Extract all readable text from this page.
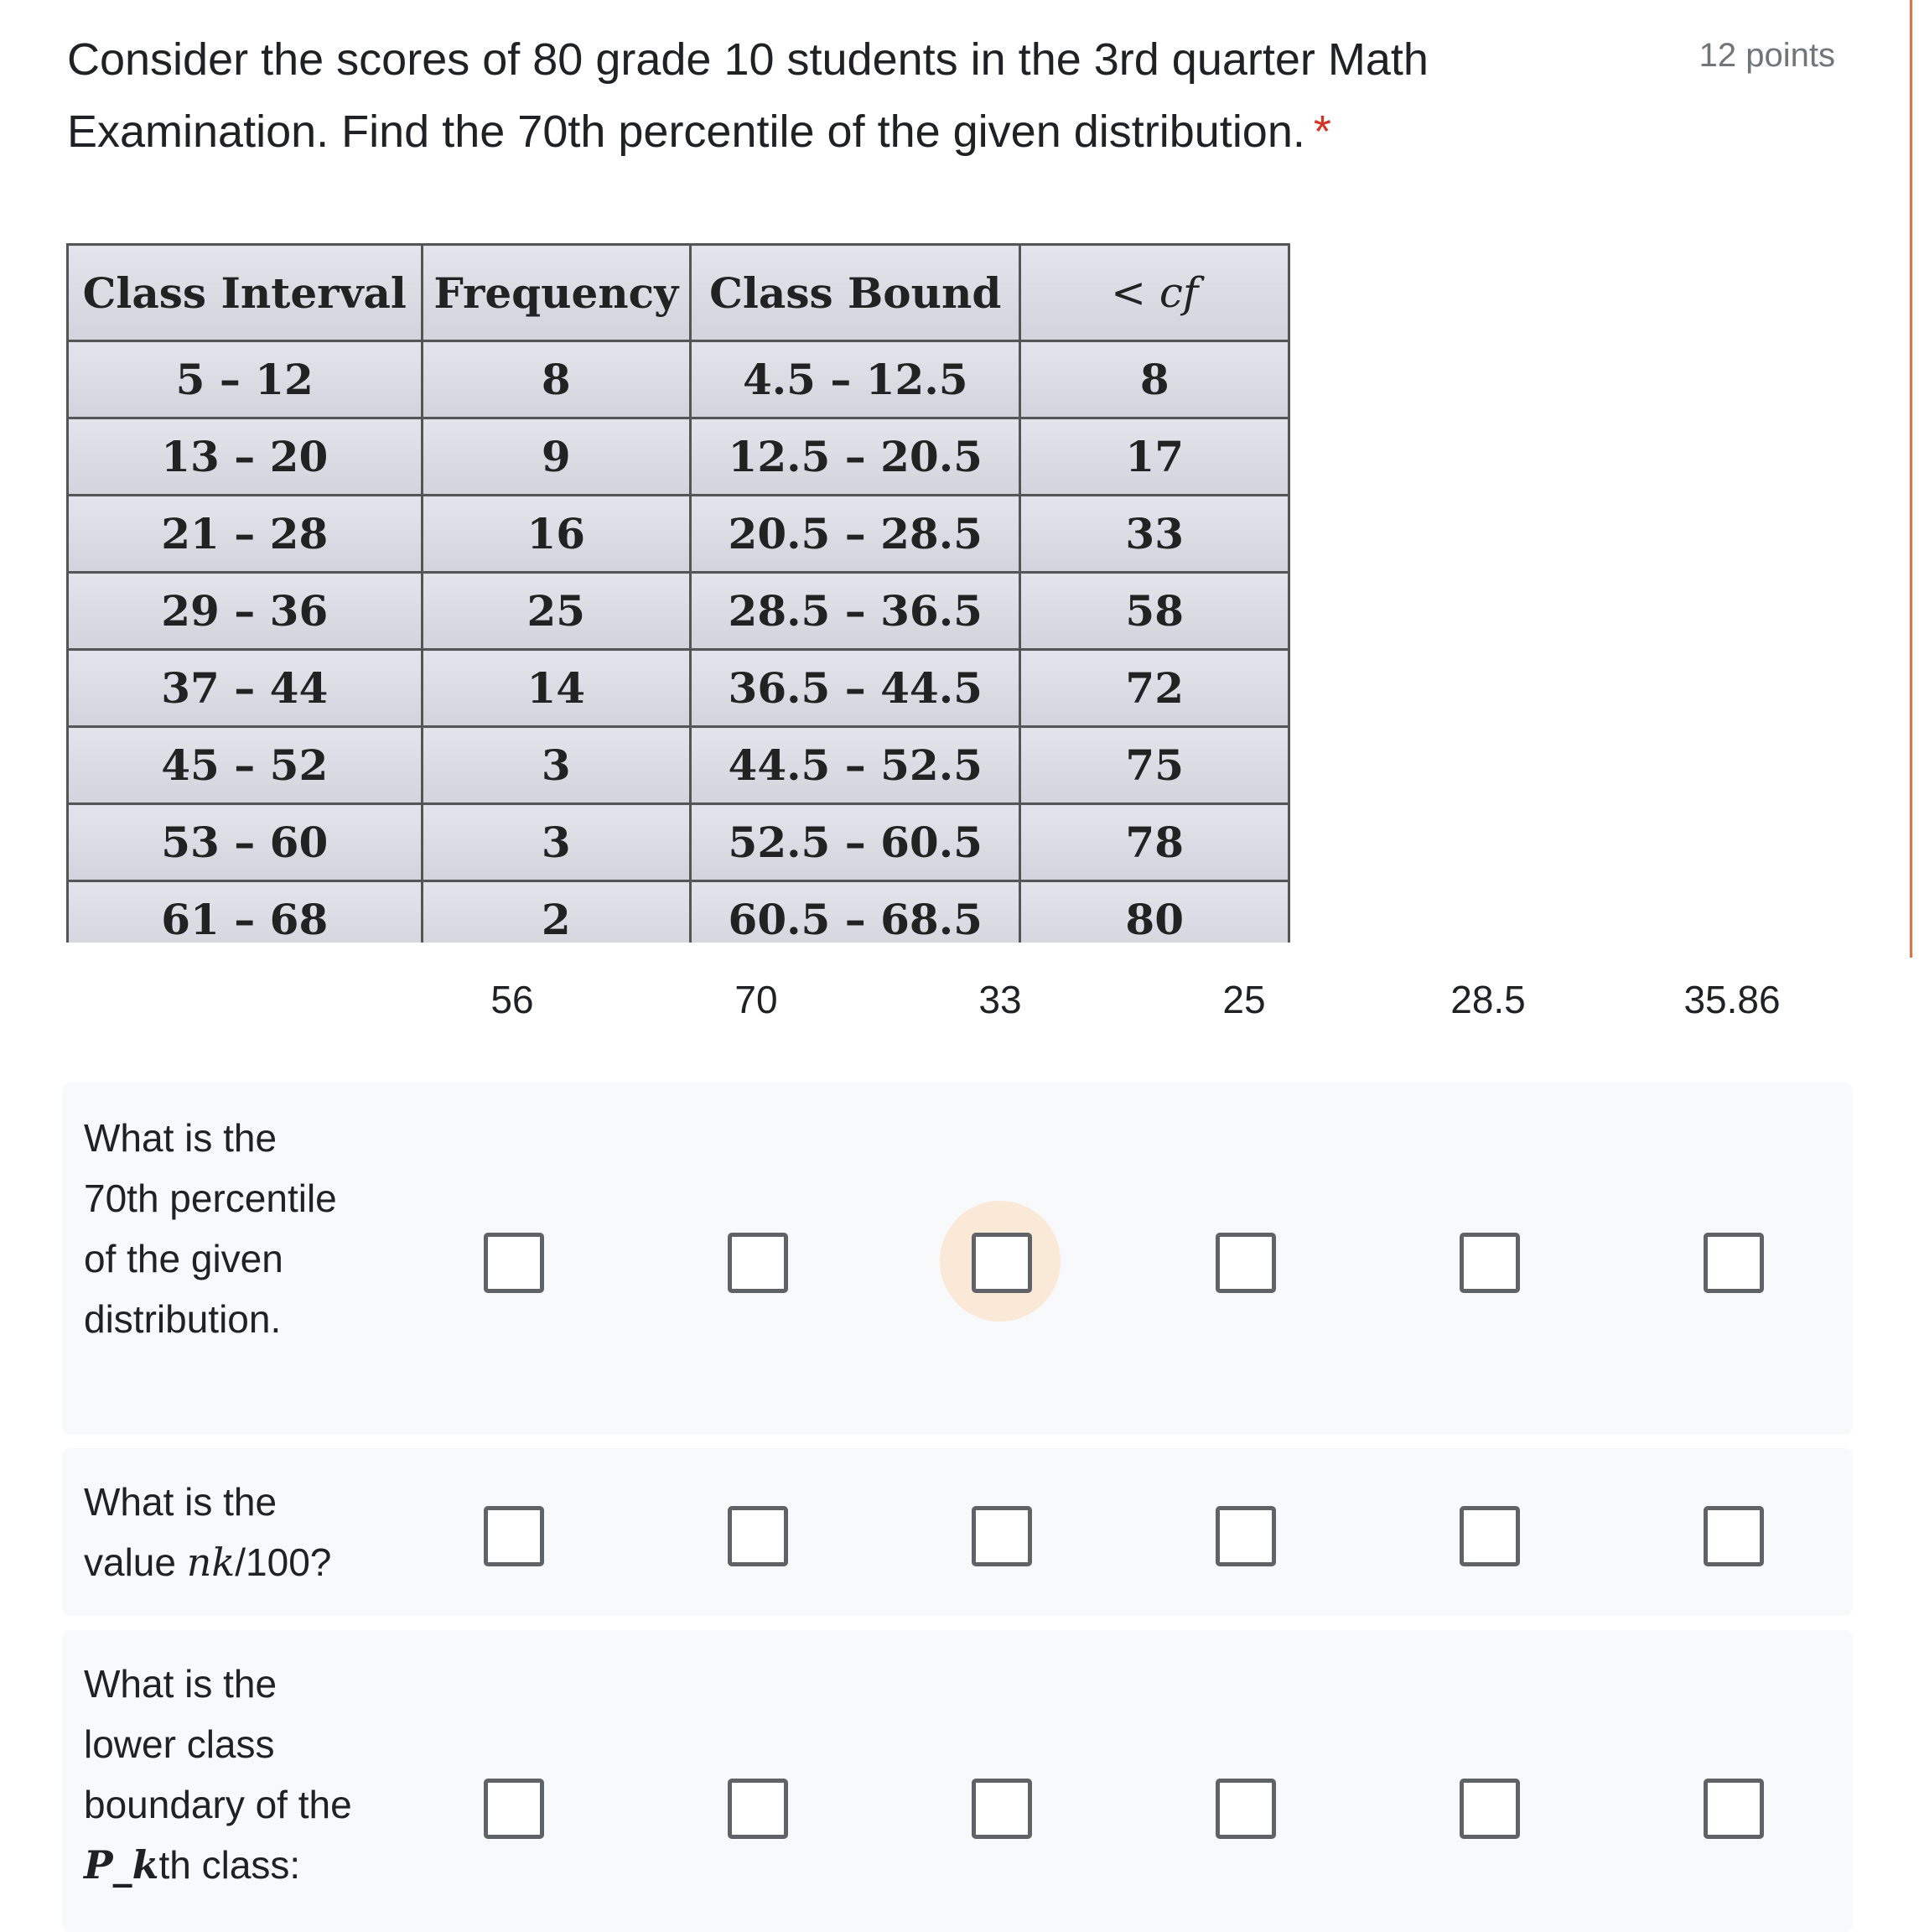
Consider the scores of 80 grade 10 students in the 3rd quarter Math Examination. Find the 70th percentile of the given distribution. *
12 points
Class Interval	Frequency	Class Bound	< cf
5 – 12	8	4.5 – 12.5	8
13 – 20	9	12.5 – 20.5	17
21 – 28	16	20.5 – 28.5	33
29 – 36	25	28.5 – 36.5	58
37 – 44	14	36.5 – 44.5	72
45 – 52	3	44.5 – 52.5	75
53 – 60	3	52.5 – 60.5	78
61 – 68	2	60.5 – 68.5	80
56	70	33	25	28.5	35.86
What is the 70th percentile of the given distribution.
What is the value nk/100?
What is the lower class boundary of the P_kth class:
